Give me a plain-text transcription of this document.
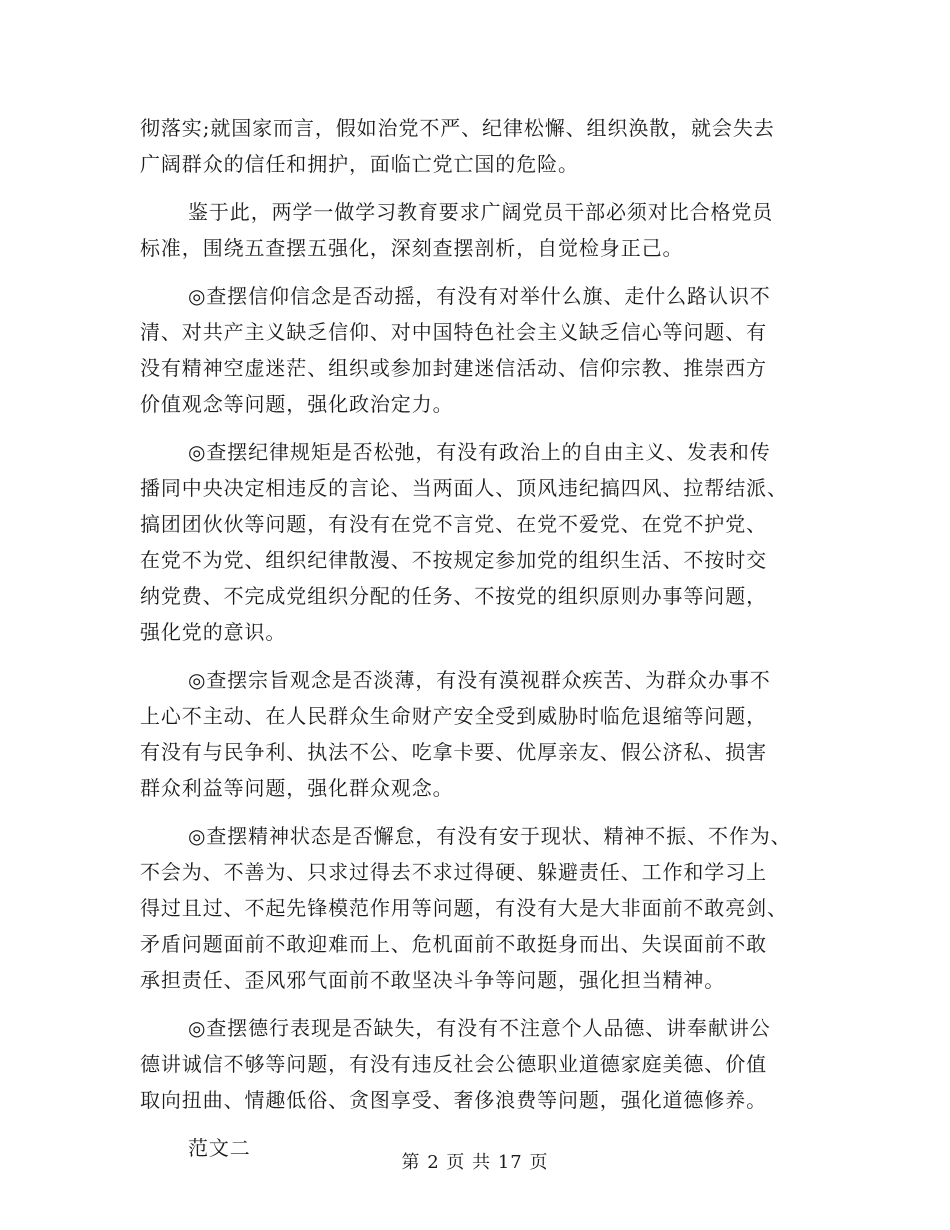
彻落实;就国家而言，假如治党不严、纪律松懈、组织涣散，就会失去
广阔群众的信任和拥护，面临亡党亡国的危险。
鉴于此，两学一做学习教育要求广阔党员干部必须对比合格党员
标准，围绕五查摆五强化，深刻查摆剖析，自觉检身正己。
◎查摆信仰信念是否动摇，有没有对举什么旗、走什么路认识不
清、对共产主义缺乏信仰、对中国特色社会主义缺乏信心等问题、有
没有精神空虚迷茫、组织或参加封建迷信活动、信仰宗教、推崇西方
价值观念等问题，强化政治定力。
◎查摆纪律规矩是否松弛，有没有政治上的自由主义、发表和传
播同中央决定相违反的言论、当两面人、顶风违纪搞四风、拉帮结派、
搞团团伙伙等问题，有没有在党不言党、在党不爱党、在党不护党、
在党不为党、组织纪律散漫、不按规定参加党的组织生活、不按时交
纳党费、不完成党组织分配的任务、不按党的组织原则办事等问题，
强化党的意识。
◎查摆宗旨观念是否淡薄，有没有漠视群众疾苦、为群众办事不
上心不主动、在人民群众生命财产安全受到威胁时临危退缩等问题，
有没有与民争利、执法不公、吃拿卡要、优厚亲友、假公济私、损害
群众利益等问题，强化群众观念。
◎查摆精神状态是否懈怠，有没有安于现状、精神不振、不作为、
不会为、不善为、只求过得去不求过得硬、躲避责任、工作和学习上
得过且过、不起先锋模范作用等问题，有没有大是大非面前不敢亮剑、
矛盾问题面前不敢迎难而上、危机面前不敢挺身而出、失误面前不敢
承担责任、歪风邪气面前不敢坚决斗争等问题，强化担当精神。
◎查摆德行表现是否缺失，有没有不注意个人品德、讲奉献讲公
德讲诚信不够等问题，有没有违反社会公德职业道德家庭美德、价值
取向扭曲、情趣低俗、贪图享受、奢侈浪费等问题，强化道德修养。
范文二
第 2 页 共 17 页
